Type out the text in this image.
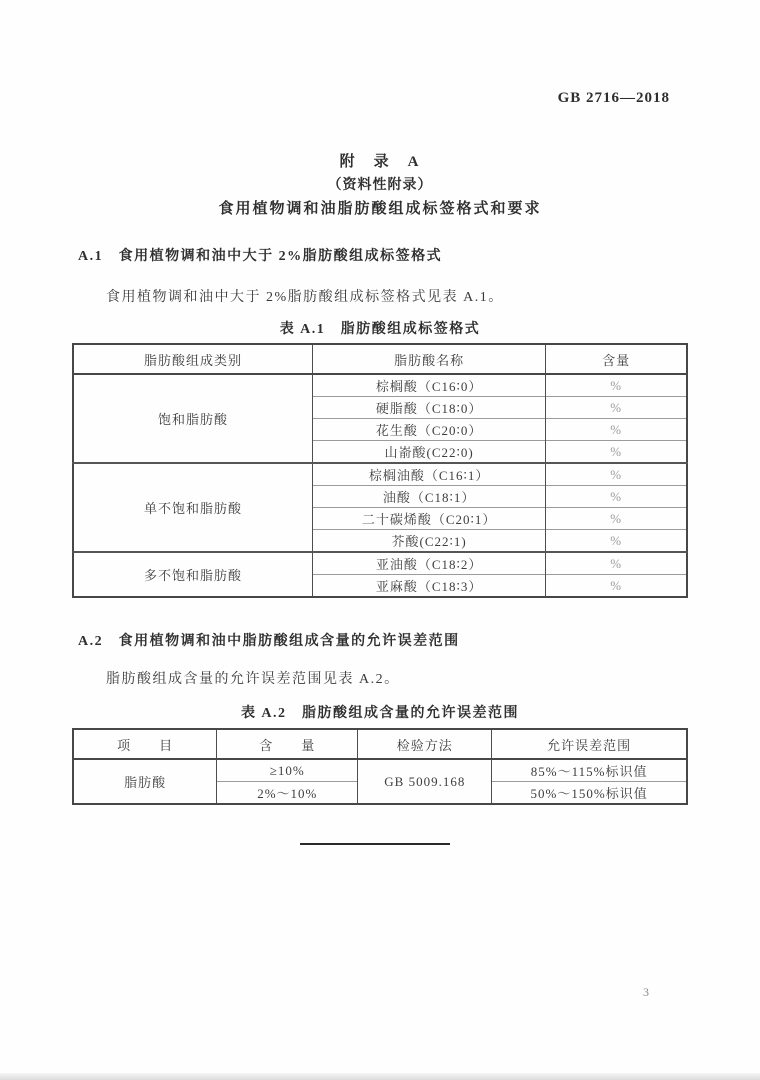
GB 2716—2018
附　录　A
（资料性附录）
食用植物调和油脂肪酸组成标签格式和要求
A.1　食用植物调和油中大于 2%脂肪酸组成标签格式
食用植物调和油中大于 2%脂肪酸组成标签格式见表 A.1。
表 A.1　脂肪酸组成标签格式
脂肪酸组成类别	脂肪酸名称	含量
饱和脂肪酸	棕榈酸（C16∶0）	%
	硬脂酸（C18∶0）	%
	花生酸（C20∶0）	%
	山嵛酸(C22∶0)	%
单不饱和脂肪酸	棕榈油酸（C16∶1）	%
	油酸（C18∶1）	%
	二十碳烯酸（C20∶1）	%
	芥酸(C22∶1)	%
多不饱和脂肪酸	亚油酸（C18∶2）	%
	亚麻酸（C18∶3）	%
A.2　食用植物调和油中脂肪酸组成含量的允许误差范围
脂肪酸组成含量的允许误差范围见表 A.2。
表 A.2　脂肪酸组成含量的允许误差范围
项　　目	含　　量	检验方法	允许误差范围
脂肪酸	≥10%	GB 5009.168	85%～115%标识值
	2%～10%		50%～150%标识值
3
